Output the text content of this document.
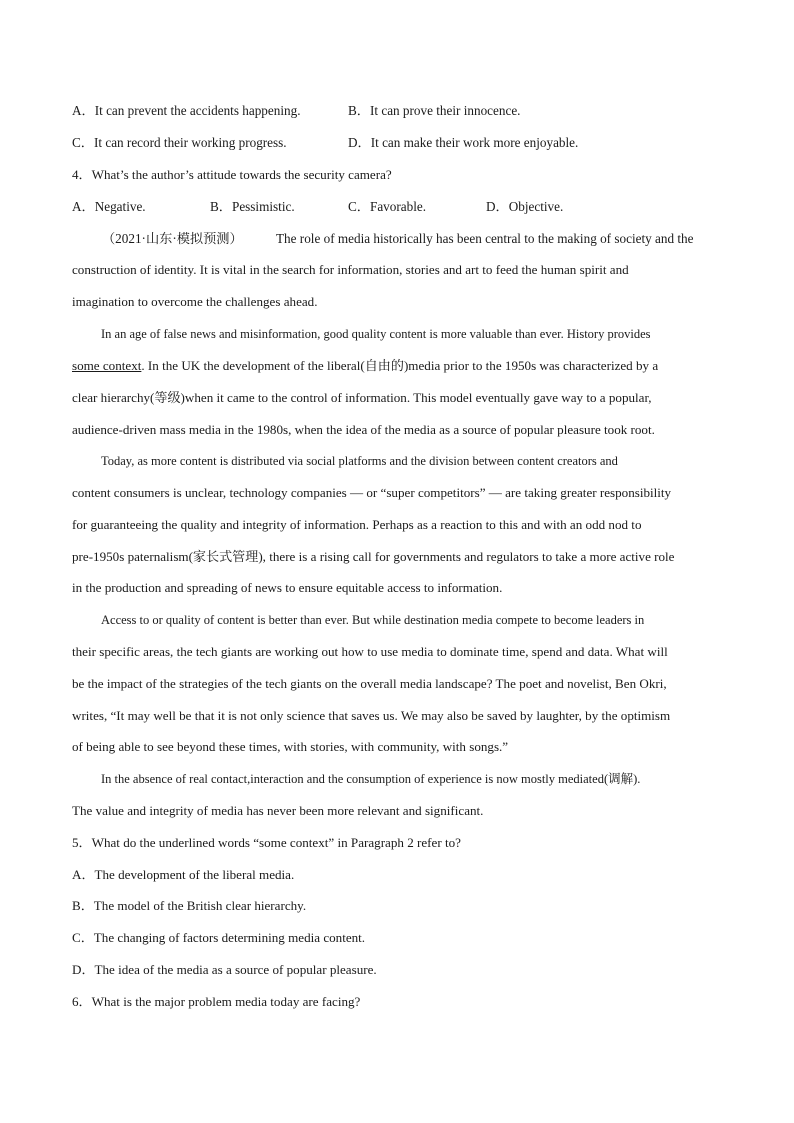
A．It can prevent the accidents happening.	B．It can prove their innocence.
C．It can record their working progress.	D．It can make their work more enjoyable.
4．What’s the author’s attitude towards the security camera?
A．Negative.	B．Pessimistic.	C．Favorable.	D．Objective.
（2021·山东·模拟预测）	The role of media historically has been central to the making of society and the
construction of identity. It is vital in the search for information, stories and art to feed the human spirit and
imagination to overcome the challenges ahead.
In an age of false news and misinformation, good quality content is more valuable than ever. History provides
some context. In the UK the development of the liberal(自由的)media prior to the 1950s was characterized by a
clear hierarchy(等级)when it came to the control of information. This model eventually gave way to a popular,
audience-driven mass media in the 1980s, when the idea of the media as a source of popular pleasure took root.
Today, as more content is distributed via social platforms and the division between content creators and
content consumers is unclear, technology companies — or “super competitors” — are taking greater responsibility
for guaranteeing the quality and integrity of information. Perhaps as a reaction to this and with an odd nod to
pre-1950s paternalism(家长式管理), there is a rising call for governments and regulators to take a more active role
in the production and spreading of news to ensure equitable access to information.
Access to or quality of content is better than ever. But while destination media compete to become leaders in
their specific areas, the tech giants are working out how to use media to dominate time, spend and data. What will
be the impact of the strategies of the tech giants on the overall media landscape? The poet and novelist, Ben Okri,
writes, “It may well be that it is not only science that saves us. We may also be saved by laughter, by the optimism
of being able to see beyond these times, with stories, with community, with songs.”
In the absence of real contact,interaction and the consumption of experience is now mostly mediated(调解).
The value and integrity of media has never been more relevant and significant.
5．What do the underlined words “some context” in Paragraph 2 refer to?
A．The development of the liberal media.
B．The model of the British clear hierarchy.
C．The changing of factors determining media content.
D．The idea of the media as a source of popular pleasure.
6．What is the major problem media today are facing?
